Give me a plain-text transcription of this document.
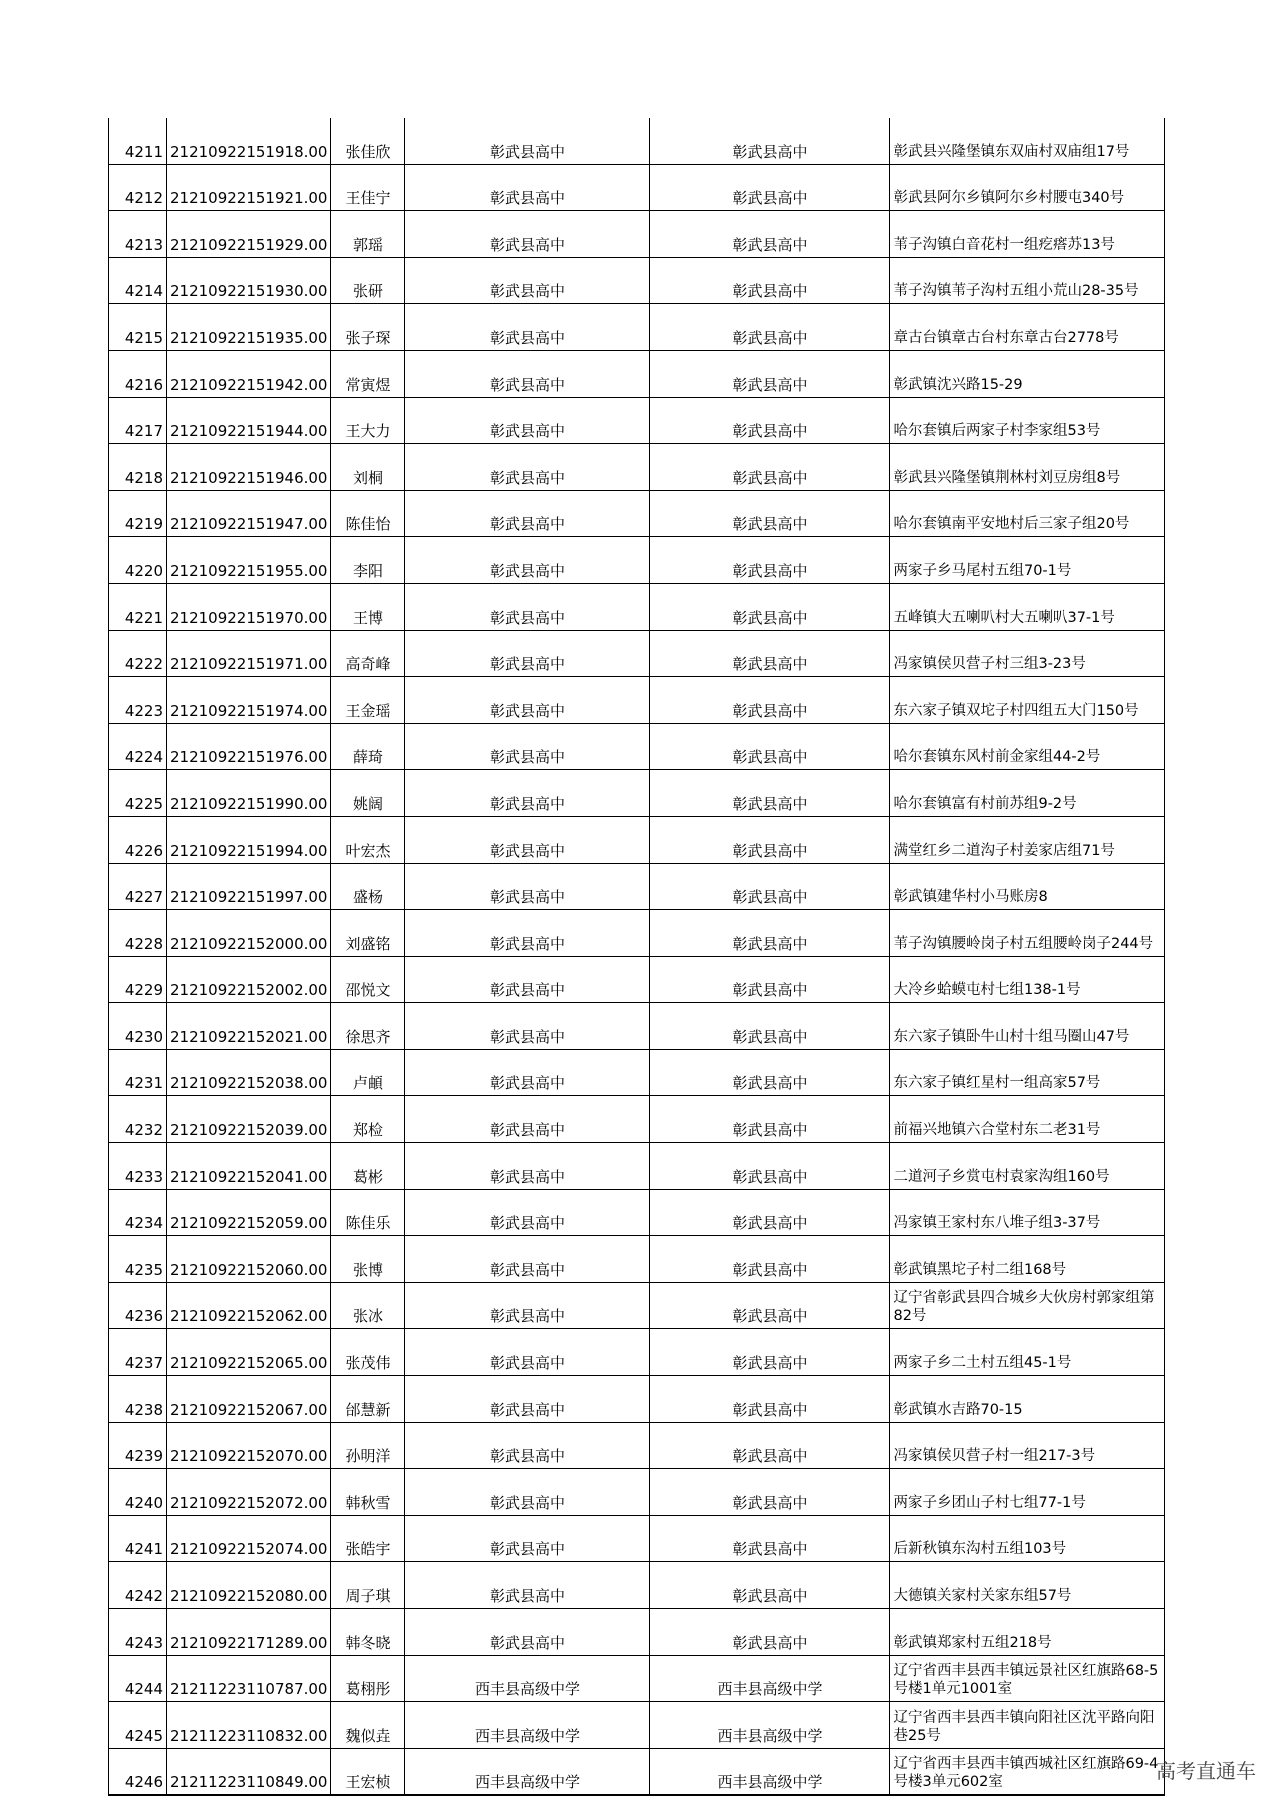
4211	21210922151918.00	张佳欣	彰武县高中	彰武县高中	彰武县兴隆堡镇东双庙村双庙组17号
4212	21210922151921.00	王佳宁	彰武县高中	彰武县高中	彰武县阿尔乡镇阿尔乡村腰屯340号
4213	21210922151929.00	郭瑶	彰武县高中	彰武县高中	苇子沟镇白音花村一组疙瘩苏13号
4214	21210922151930.00	张研	彰武县高中	彰武县高中	苇子沟镇苇子沟村五组小荒山28-35号
4215	21210922151935.00	张子琛	彰武县高中	彰武县高中	章古台镇章古台村东章古台2778号
4216	21210922151942.00	常寅煜	彰武县高中	彰武县高中	彰武镇沈兴路15-29
4217	21210922151944.00	王大力	彰武县高中	彰武县高中	哈尔套镇后两家子村李家组53号
4218	21210922151946.00	刘桐	彰武县高中	彰武县高中	彰武县兴隆堡镇荆林村刘豆房组8号
4219	21210922151947.00	陈佳怡	彰武县高中	彰武县高中	哈尔套镇南平安地村后三家子组20号
4220	21210922151955.00	李阳	彰武县高中	彰武县高中	两家子乡马尾村五组70-1号
4221	21210922151970.00	王博	彰武县高中	彰武县高中	五峰镇大五喇叭村大五喇叭37-1号
4222	21210922151971.00	高奇峰	彰武县高中	彰武县高中	冯家镇侯贝营子村三组3-23号
4223	21210922151974.00	王金瑶	彰武县高中	彰武县高中	东六家子镇双坨子村四组五大门150号
4224	21210922151976.00	薛琦	彰武县高中	彰武县高中	哈尔套镇东风村前金家组44-2号
4225	21210922151990.00	姚阔	彰武县高中	彰武县高中	哈尔套镇富有村前苏组9-2号
4226	21210922151994.00	叶宏杰	彰武县高中	彰武县高中	满堂红乡二道沟子村姜家店组71号
4227	21210922151997.00	盛杨	彰武县高中	彰武县高中	彰武镇建华村小马账房8
4228	21210922152000.00	刘盛铭	彰武县高中	彰武县高中	苇子沟镇腰岭岗子村五组腰岭岗子244号
4229	21210922152002.00	邵悦文	彰武县高中	彰武县高中	大冷乡蛤蟆屯村七组138-1号
4230	21210922152021.00	徐思齐	彰武县高中	彰武县高中	东六家子镇卧牛山村十组马圈山47号
4231	21210922152038.00	卢頔	彰武县高中	彰武县高中	东六家子镇红星村一组高家57号
4232	21210922152039.00	郑检	彰武县高中	彰武县高中	前福兴地镇六合堂村东二老31号
4233	21210922152041.00	葛彬	彰武县高中	彰武县高中	二道河子乡赏屯村袁家沟组160号
4234	21210922152059.00	陈佳乐	彰武县高中	彰武县高中	冯家镇王家村东八堆子组3-37号
4235	21210922152060.00	张博	彰武县高中	彰武县高中	彰武镇黑坨子村二组168号
4236	21210922152062.00	张冰	彰武县高中	彰武县高中	辽宁省彰武县四合城乡大伙房村郭家组第82号
4237	21210922152065.00	张茂伟	彰武县高中	彰武县高中	两家子乡二土村五组45-1号
4238	21210922152067.00	邰慧新	彰武县高中	彰武县高中	彰武镇水吉路70-15
4239	21210922152070.00	孙明洋	彰武县高中	彰武县高中	冯家镇侯贝营子村一组217-3号
4240	21210922152072.00	韩秋雪	彰武县高中	彰武县高中	两家子乡团山子村七组77-1号
4241	21210922152074.00	张皓宇	彰武县高中	彰武县高中	后新秋镇东沟村五组103号
4242	21210922152080.00	周子琪	彰武县高中	彰武县高中	大德镇关家村关家东组57号
4243	21210922171289.00	韩冬晓	彰武县高中	彰武县高中	彰武镇郑家村五组218号
4244	21211223110787.00	葛栩彤	西丰县高级中学	西丰县高级中学	辽宁省西丰县西丰镇远景社区红旗路68-5号楼1单元1001室
4245	21211223110832.00	魏似垚	西丰县高级中学	西丰县高级中学	辽宁省西丰县西丰镇向阳社区沈平路向阳巷25号
4246	21211223110849.00	王宏桢	西丰县高级中学	西丰县高级中学	辽宁省西丰县西丰镇西城社区红旗路69-4号楼3单元602室	高考直通车
